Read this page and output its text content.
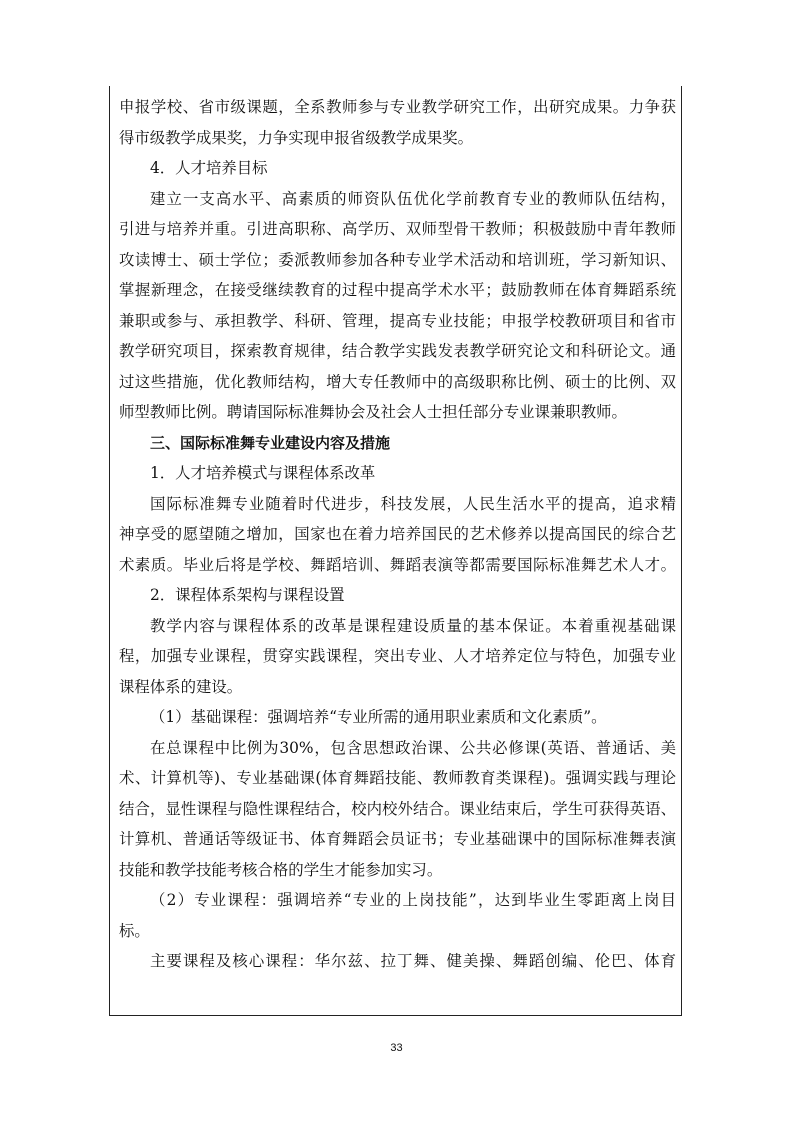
申报学校、省市级课题，全系教师参与专业教学研究工作，出研究成果。力争获
得市级教学成果奖，力争实现申报省级教学成果奖。
4．人才培养目标
建立一支高水平、高素质的师资队伍优化学前教育专业的教师队伍结构，
引进与培养并重。引进高职称、高学历、双师型骨干教师；积极鼓励中青年教师
攻读博士、硕士学位；委派教师参加各种专业学术活动和培训班，学习新知识、
掌握新理念，在接受继续教育的过程中提高学术水平；鼓励教师在体育舞蹈系统
兼职或参与、承担教学、科研、管理，提高专业技能；申报学校教研项目和省市
教学研究项目，探索教育规律，结合教学实践发表教学研究论文和科研论文。通
过这些措施，优化教师结构，增大专任教师中的高级职称比例、硕士的比例、双
师型教师比例。聘请国际标准舞协会及社会人士担任部分专业课兼职教师。
三、国际标准舞专业建设内容及措施
1．人才培养模式与课程体系改革
国际标准舞专业随着时代进步，科技发展，人民生活水平的提高，追求精
神享受的愿望随之增加，国家也在着力培养国民的艺术修养以提高国民的综合艺
术素质。毕业后将是学校、舞蹈培训、舞蹈表演等都需要国际标准舞艺术人才。
2．课程体系架构与课程设置
教学内容与课程体系的改革是课程建设质量的基本保证。本着重视基础课
程，加强专业课程，贯穿实践课程，突出专业、人才培养定位与特色，加强专业
课程体系的建设。
（1）基础课程：强调培养“专业所需的通用职业素质和文化素质”。
在总课程中比例为30%，包含思想政治课、公共必修课(英语、普通话、美
术、计算机等)、专业基础课(体育舞蹈技能、教师教育类课程)。强调实践与理论
结合，显性课程与隐性课程结合，校内校外结合。课业结束后，学生可获得英语、
计算机、普通话等级证书、体育舞蹈会员证书；专业基础课中的国际标准舞表演
技能和教学技能考核合格的学生才能参加实习。
（2）专业课程：强调培养“专业的上岗技能”，达到毕业生零距离上岗目
标。
主要课程及核心课程：华尔兹、拉丁舞、健美操、舞蹈创编、伦巴、体育
33
